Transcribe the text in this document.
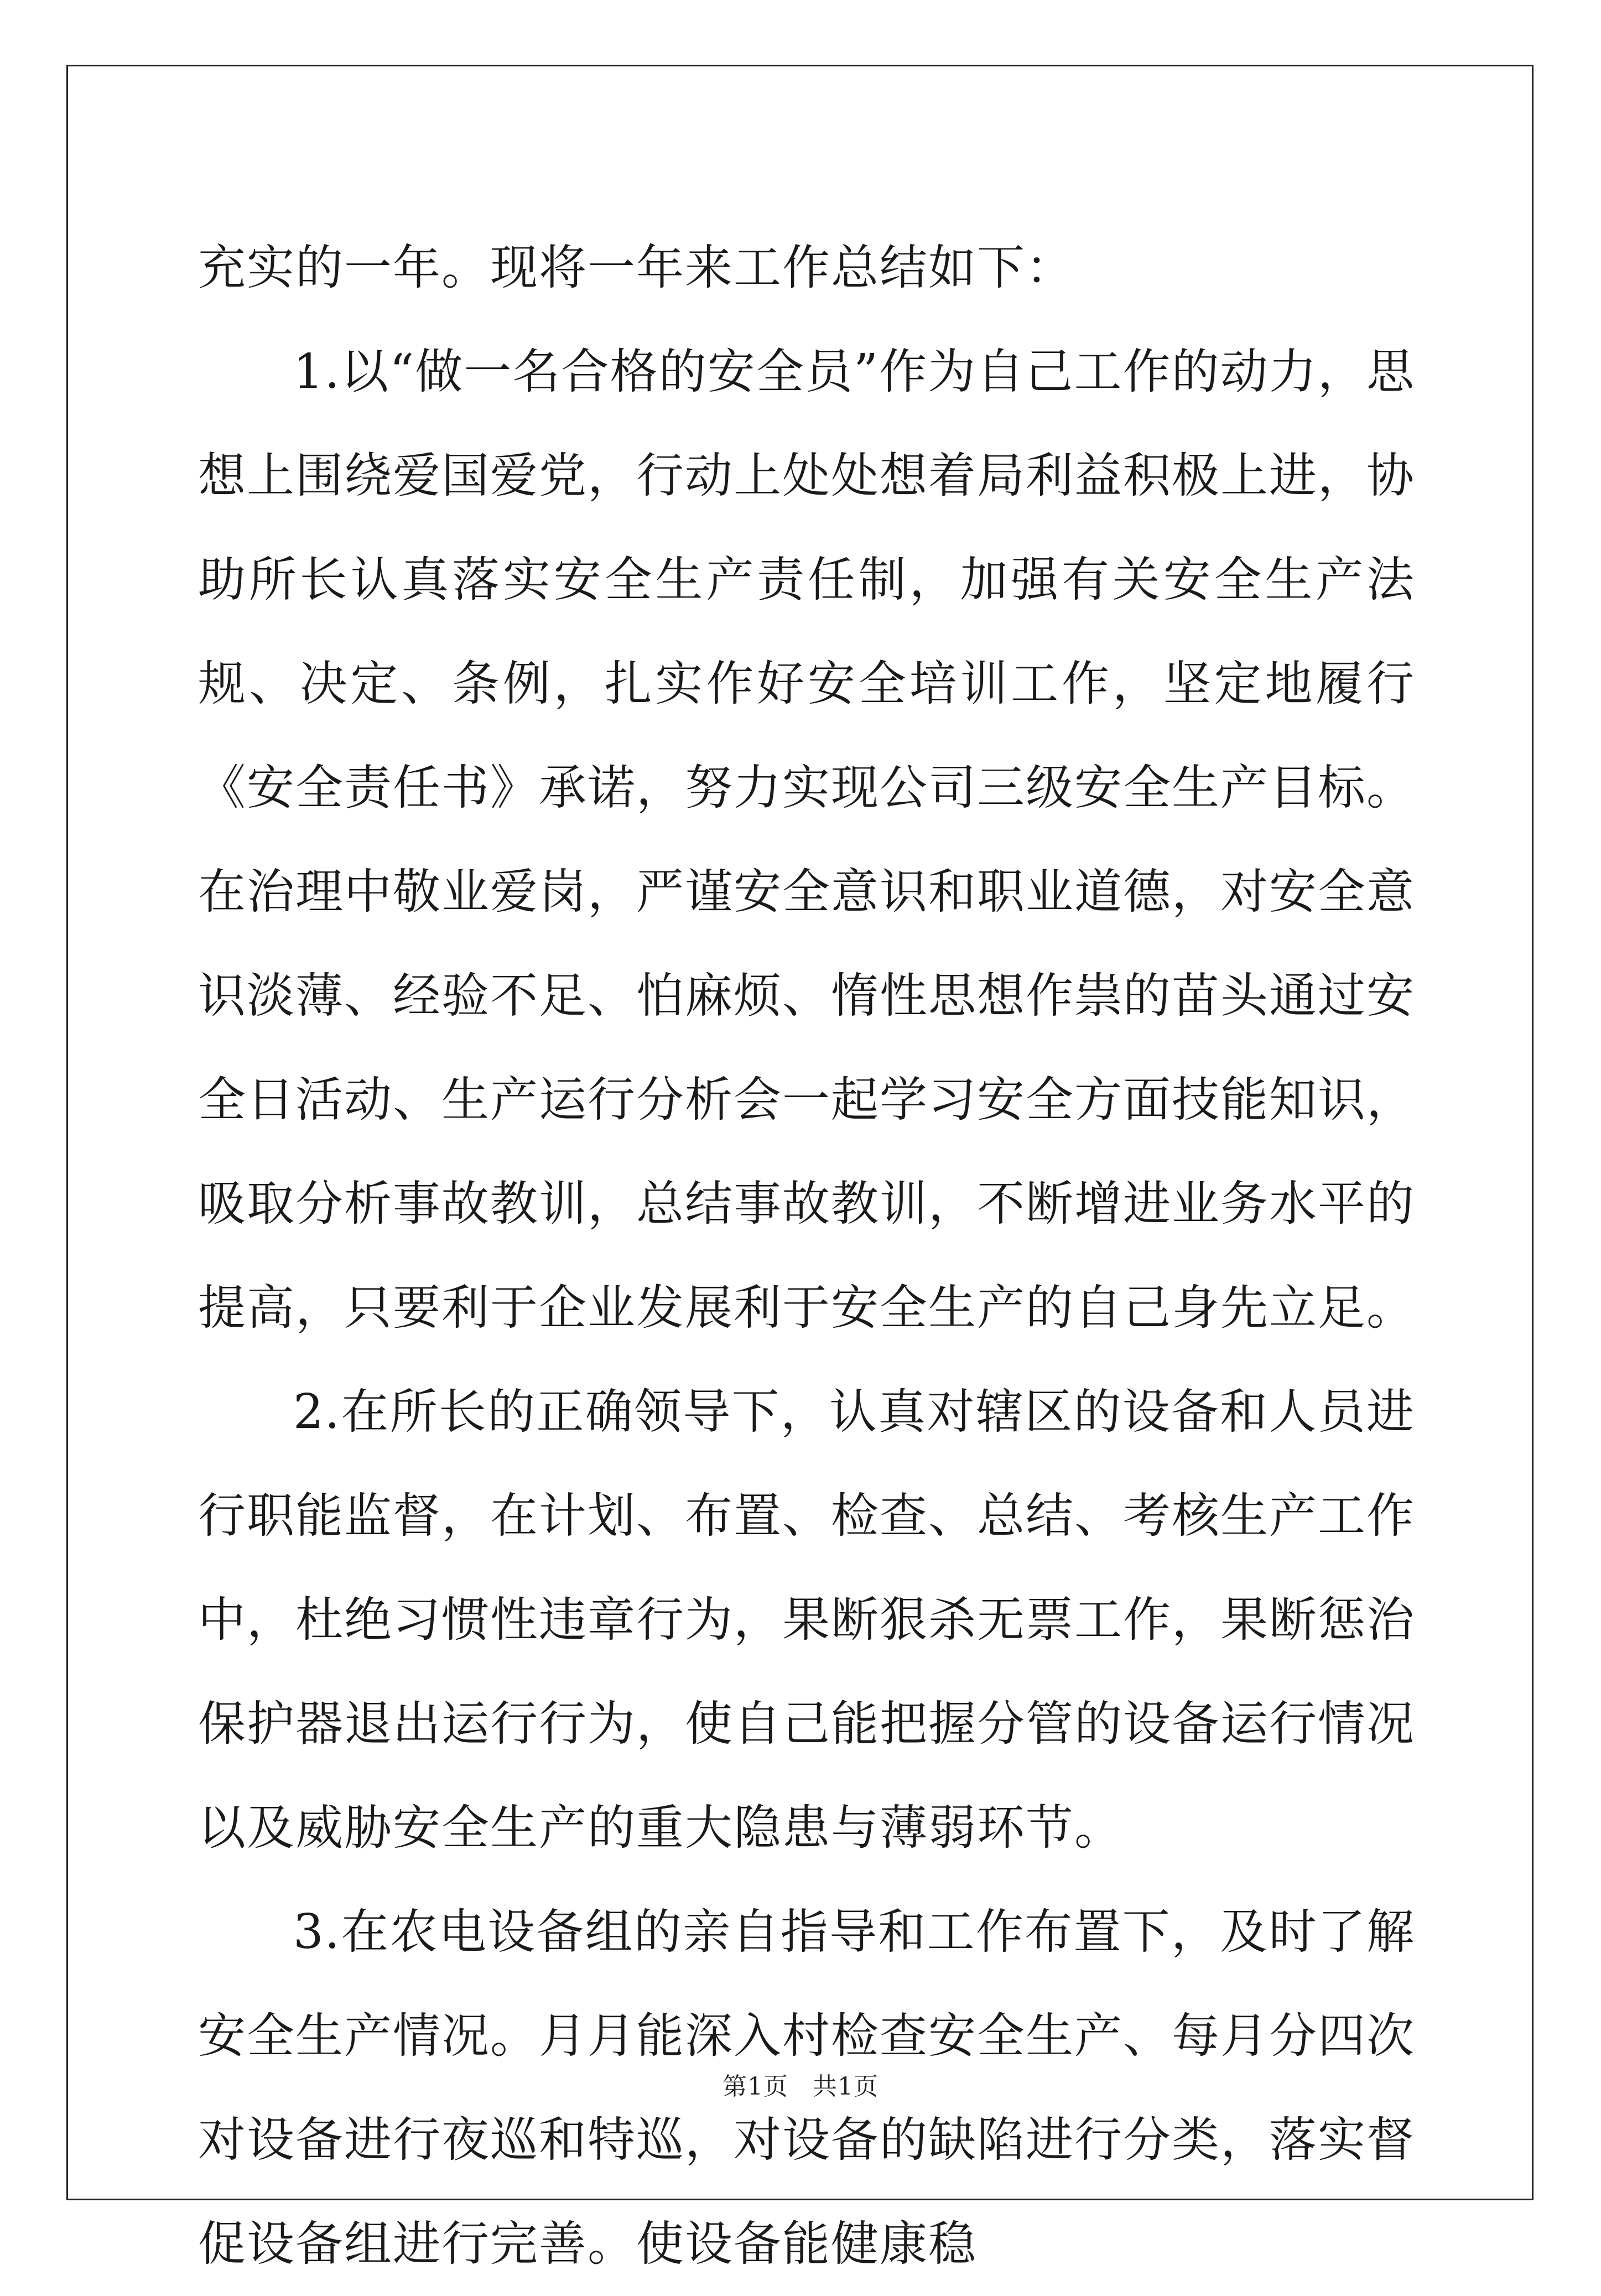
充实的一年。现将一年来工作总结如下：

1.以“做一名合格的安全员”作为自己工作的动力，思想上围绕爱国爱党，行动上处处想着局利益积极上进，协助所长认真落实安全生产责任制，加强有关安全生产法规、决定、条例，扎实作好安全培训工作，坚定地履行《安全责任书》承诺，努力实现公司三级安全生产目标。在治理中敬业爱岗，严谨安全意识和职业道德，对安全意识淡薄、经验不足、怕麻烦、惰性思想作祟的苗头通过安全日活动、生产运行分析会一起学习安全方面技能知识，吸取分析事故教训，总结事故教训，不断增进业务水平的提高，只要利于企业发展利于安全生产的自己身先立足。

2.在所长的正确领导下，认真对辖区的设备和人员进行职能监督，在计划、布置、检查、总结、考核生产工作中，杜绝习惯性违章行为，果断狠杀无票工作，果断惩治保护器退出运行行为，使自己能把握分管的设备运行情况以及威胁安全生产的重大隐患与薄弱环节。

3.在农电设备组的亲自指导和工作布置下，及时了解安全生产情况。月月能深入村检查安全生产、每月分四次对设备进行夜巡和特巡，对设备的缺陷进行分类，落实督促设备组进行完善。使设备能健康稳

第1页 共1页
